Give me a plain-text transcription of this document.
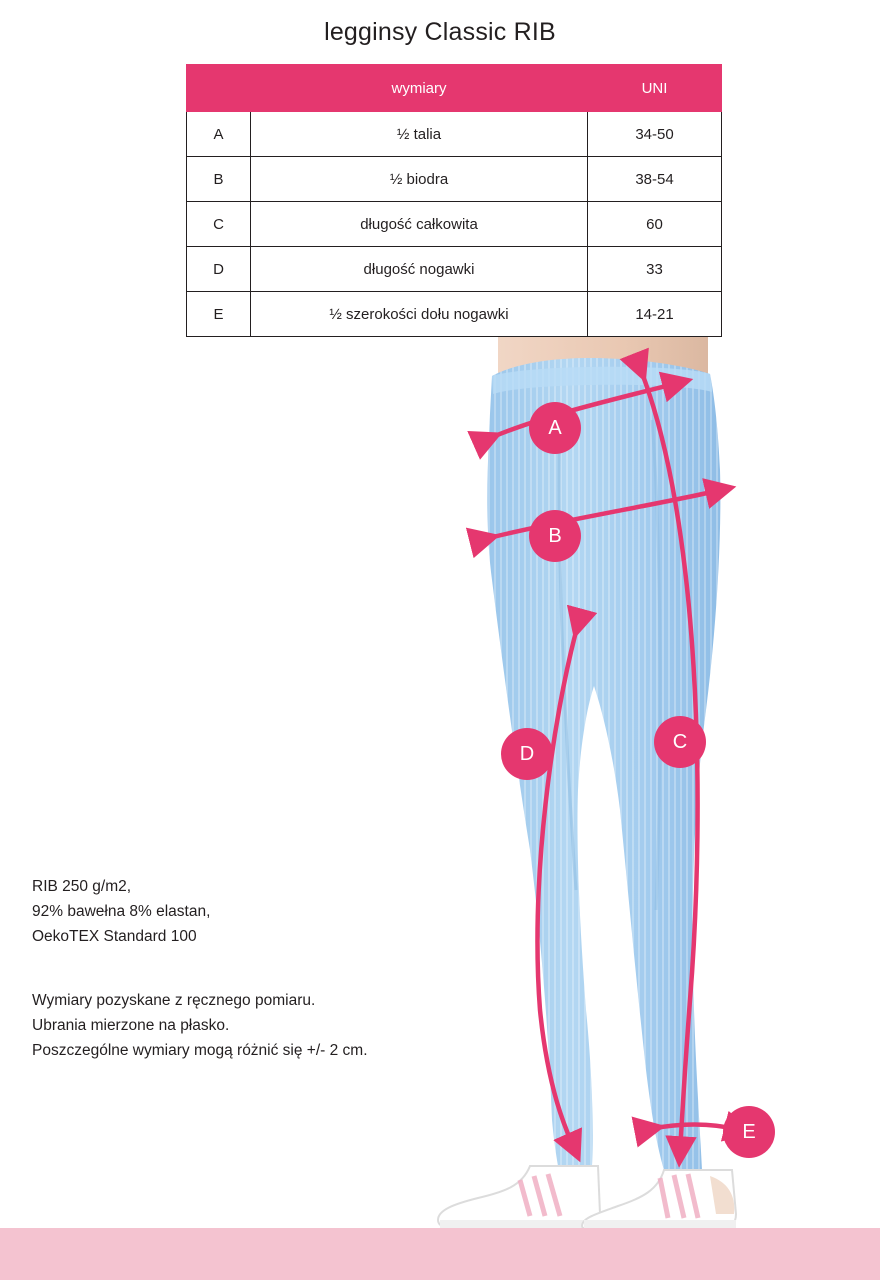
legginsy Classic RIB
	wymiary	UNI
A	½ talia	34-50
B	½ biodra	38-54
C	długość całkowita	60
D	długość nogawki	33
E	½ szerokości dołu nogawki	14-21
A
B
C
D
E
RIB 250 g/m2,
92% bawełna 8% elastan,
OekoTEX Standard 100
Wymiary pozyskane z ręcznego pomiaru.
Ubrania mierzone na płasko.
Poszczególne wymiary mogą różnić się +/- 2 cm.
